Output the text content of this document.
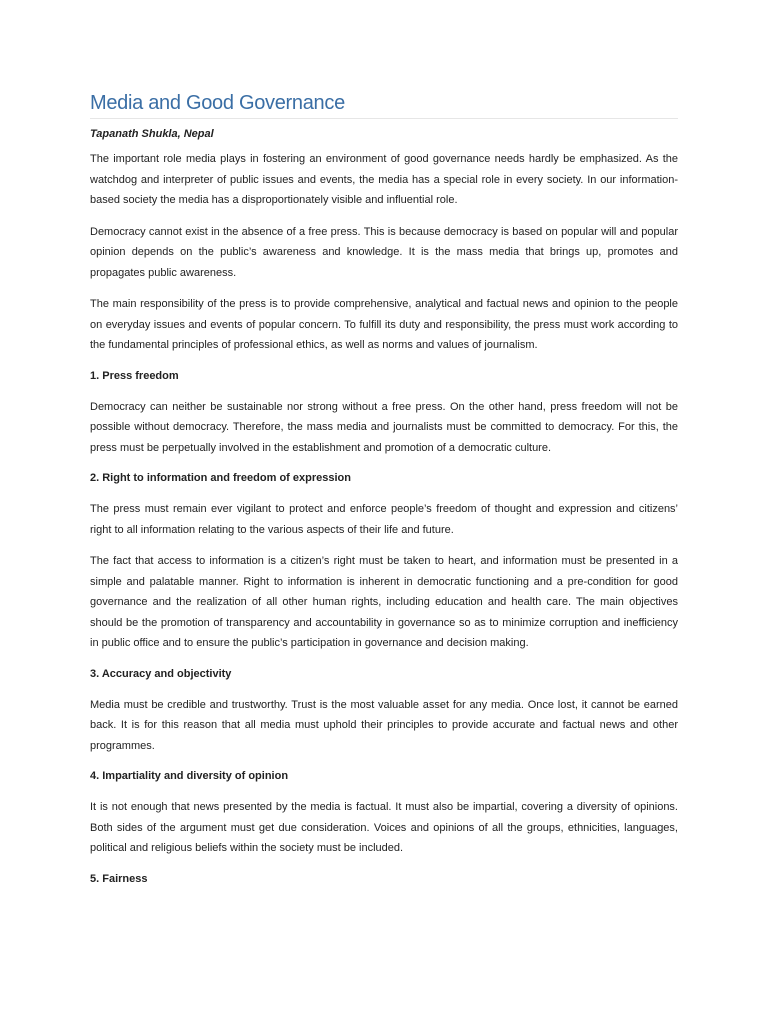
Media and Good Governance

Tapanath Shukla, Nepal

The important role media plays in fostering an environment of good governance needs hardly be emphasized. As the watchdog and interpreter of public issues and events, the media has a special role in every society. In our information-based society the media has a disproportionately visible and influential role.

Democracy cannot exist in the absence of a free press. This is because democracy is based on popular will and popular opinion depends on the public’s awareness and knowledge. It is the mass media that brings up, promotes and propagates public awareness.

The main responsibility of the press is to provide comprehensive, analytical and factual news and opinion to the people on everyday issues and events of popular concern. To fulfill its duty and responsibility, the press must work according to the fundamental principles of professional ethics, as well as norms and values of journalism.

1. Press freedom

Democracy can neither be sustainable nor strong without a free press. On the other hand, press freedom will not be possible without democracy. Therefore, the mass media and journalists must be committed to democracy. For this, the press must be perpetually involved in the establishment and promotion of a democratic culture.

2. Right to information and freedom of expression

The press must remain ever vigilant to protect and enforce people’s freedom of thought and expression and citizens’ right to all information relating to the various aspects of their life and future.

The fact that access to information is a citizen’s right must be taken to heart, and information must be presented in a simple and palatable manner. Right to information is inherent in democratic functioning and a pre-condition for good governance and the realization of all other human rights, including education and health care. The main objectives should be the promotion of transparency and accountability in governance so as to minimize corruption and inefficiency in public office and to ensure the public’s participation in governance and decision making.

3. Accuracy and objectivity

Media must be credible and trustworthy. Trust is the most valuable asset for any media. Once lost, it cannot be earned back. It is for this reason that all media must uphold their principles to provide accurate and factual news and other programmes.

4. Impartiality and diversity of opinion

It is not enough that news presented by the media is factual. It must also be impartial, covering a diversity of opinions. Both sides of the argument must get due consideration. Voices and opinions of all the groups, ethnicities, languages, political and religious beliefs within the society must be included.

5. Fairness
